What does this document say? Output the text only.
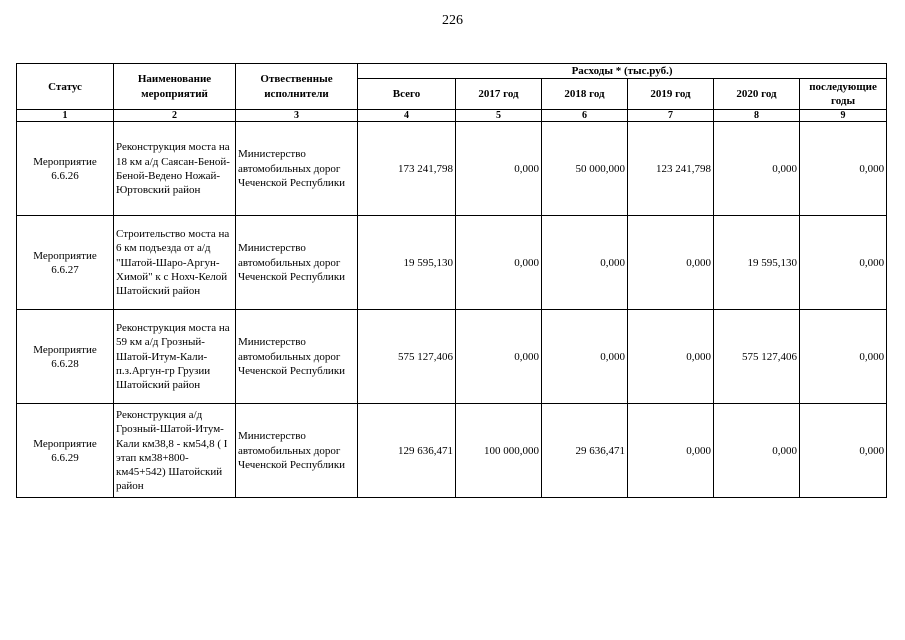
226
Статус	Наименование мероприятий	Отвественные исполнители	Расходы * (тыс.руб.)					
			Всего	2017 год	2018 год	2019 год	2020 год	последующие годы
1	2	3	4	5	6	7	8	9
Мероприятие 6.6.26	Реконструкция моста на 18 км а/д Саясан-Беной-Беной-Ведено Ножай-Юртовский район	Министерство автомобильных дорог Чеченской Республики	173 241,798	0,000	50 000,000	123 241,798	0,000	0,000
Мероприятие 6.6.27	Строительство моста на 6 км подъезда от а/д "Шатой-Шаро-Аргун-Химой" к с Нохч-Келой Шатойский район	Министерство автомобильных дорог Чеченской Республики	19 595,130	0,000	0,000	0,000	19 595,130	0,000
Мероприятие 6.6.28	Реконструкция моста на 59 км а/д Грозный-Шатой-Итум-Кали-п.з.Аргун-гр Грузии Шатойский район	Министерство автомобильных дорог Чеченской Республики	575 127,406	0,000	0,000	0,000	575 127,406	0,000
Мероприятие 6.6.29	Реконструкция а/д Грозный-Шатой-Итум-Кали км38,8 - км54,8 ( I этап км38+800-км45+542) Шатойский район	Министерство автомобильных дорог Чеченской Республики	129 636,471	100 000,000	29 636,471	0,000	0,000	0,000
